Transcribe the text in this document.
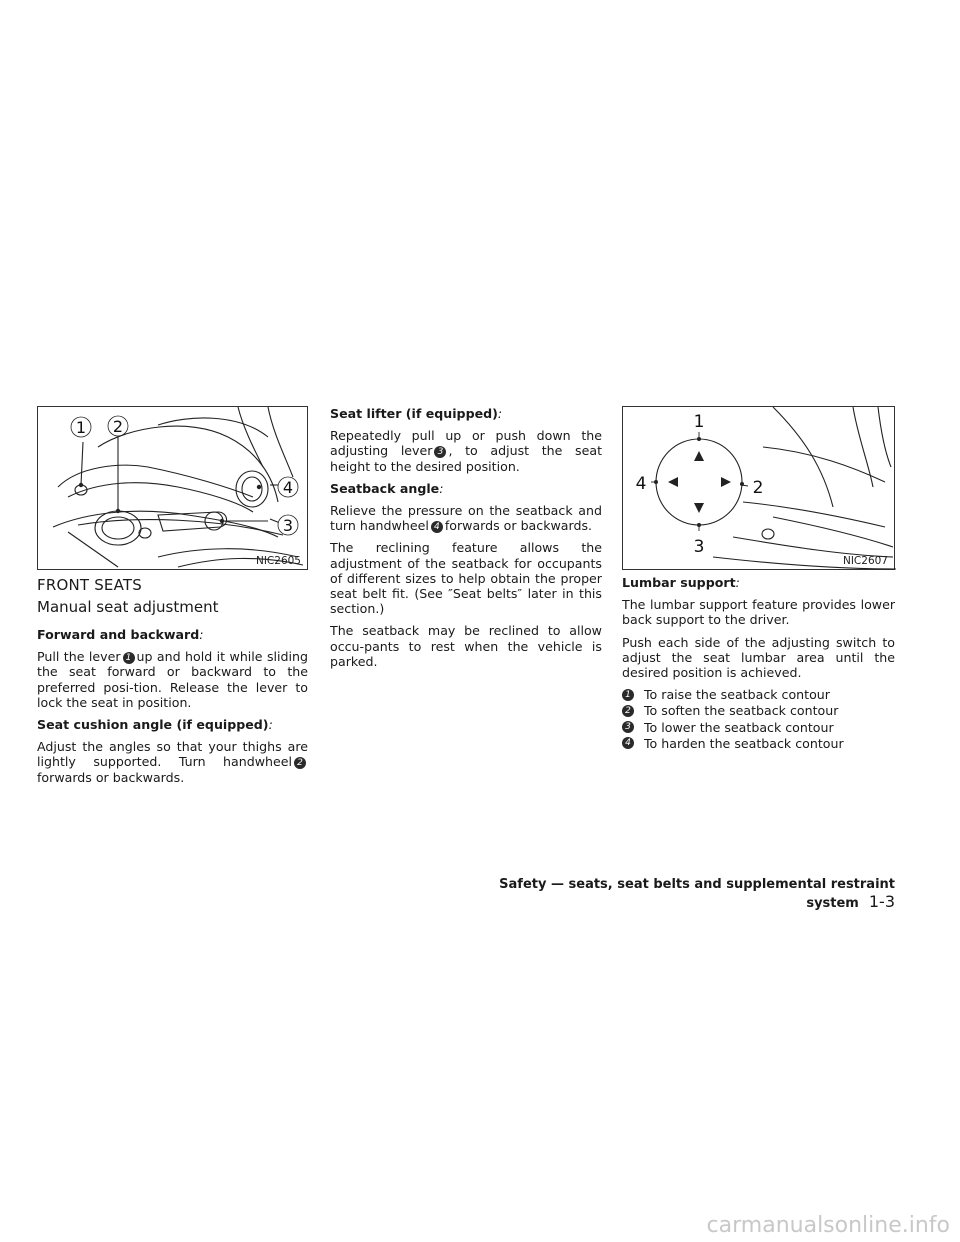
1 2
4
3
NIC2605
1
4	2
3
NIC2607
FRONT SEATS
Manual seat adjustment

Forward and backward:

Pull the lever 1 up and hold it while sliding the seat forward or backward to the preferred posi-tion. Release the lever to lock the seat in position.

Seat cushion angle (if equipped):

Adjust the angles so that your thighs are lightly supported. Turn handwheel 2forwards or backwards.

Seat lifter (if equipped):

Repeatedly pull up or push down the adjusting lever 3 , to adjust the seat height to the desired position.

Seatback angle:

Relieve the pressure on the seatback and turn handwheel 4 forwards or backwards.

The reclining feature allows the adjustment of the seatback for occupants of different sizes to help obtain the proper seat belt fit. (See ″Seat belts″ later in this section.)

The seatback may be reclined to allow occu-pants to rest when the vehicle is parked.

Lumbar support:

The lumbar support feature provides lower back support to the driver.

Push each side of the adjusting switch to adjust the seat lumbar area until the desired position is achieved.

1 To raise the seatback contour
2 To soften the seatback contour
3 To lower the seatback contour
4 To harden the seatback contour
Safety — seats, seat belts and supplemental restraint system 1-3
carmanualsonline.info
